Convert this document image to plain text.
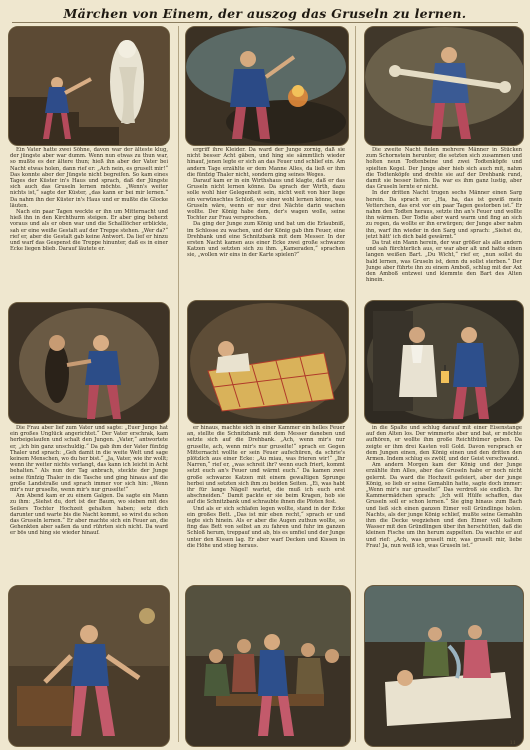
Märchen von Einem, der auszog das Gruseln zu lernen.

Ein Vater hatte zwei Söhne, davon war der älteste klug, der jüngste aber war dumm. Wenn nun etwas zu thun war, so mußte es der ältere thun; hieß ihn aber der Vater bei Nacht etwas holen, dann rief er: „Ach nein, es gruselt mir!“ Das konnte aber der Jüngste nicht begreifen. So kam eines Tages der Küster in's Haus und sprach, daß der Jüngste sich auch das Gruseln lernen möchte. „Wenn's weiter nichts ist,“ sagte der Küster, „das kann er bei mir lernen.“ Da nahm ihn der Küster in's Haus und er mußte die Glocke läuten.

Nach ein paar Tagen weckte er ihn um Mitternacht und hieß ihn in den Kirchthurm steigen. Er aber ging beherzt voraus und als er oben war und die Schalllöcher erblickte, sah er eine weiße Gestalt auf der Treppe stehen. „Wer da?“ rief er, aber die Gestalt gab keine Antwort. Da lief er hinzu und warf das Gespenst die Treppe hinunter, daß es in einer Ecke liegen blieb. Darauf läutete er.

Die Frau aber lief zum Vater und sagte: „Euer Junge hat ein großes Unglück angerichtet.“ Der Vater erschrak, kam herbeigelaufen und schalt den Jungen. „Vater,“ antwortete er, „ich bin ganz unschuldig.“ Da gab ihm der Vater fünfzig Thaler und sprach: „Geh damit in die weite Welt und sage keinem Menschen, wo du her bist.“ „Ja, Vater, wie ihr wollt; wenn ihr weiter nichts verlangt, das kann ich leicht in Acht behalten.“ Als nun der Tag anbrach, steckte der Junge seine fünfzig Thaler in die Tasche und ging hinaus auf die große Landstraße und sprach immer vor sich hin: „Wenn mir's nur gruselte, wenn mir's nur gruselte!“

Am Abend kam er zu einem Galgen. Da sagte ein Mann zu ihm: „Siehst du, dort ist der Baum, wo sieben mit des Seilers Tochter Hochzeit gehalten haben; setz dich darunter und warte bis die Nacht kommt, so wirst du schon das Gruseln lernen.“ Er aber machte sich ein Feuer an, die Gehenkten aber saßen da und rührten sich nicht. Da ward er bös und hing sie wieder hinauf.

ergriff ihre Kleider. Da ward der Junge zornig, daß sie nicht besser Acht gäben, und hing sie sämmtlich wieder hinauf, jenen legte er sich an das Feuer und schlief ein. Am andern Tage erzählte er dem Manne Alles, da ließ er ihm die fünfzig Thaler nicht, sondern ging seines Weges.

Darauf kam er in ein Wirthshaus und klagte, daß er das Gruseln nicht lernen könne. Da sprach der Wirth, dazu solle wohl hier Gelegenheit sein, nicht weit von hier liege ein verwünschtes Schloß, wo einer wohl lernen könne, was Gruseln wäre, wenn er nur drei Nächte darin wachen wollte. Der König habe dem, der's wagen wolle, seine Tochter zur Frau versprochen.

Da ging der Junge zum König und bat um die Erlaubniß, im Schlosse zu wachen, und der König gab ihm Feuer, eine Drehbank und eine Schnitzbank mit dem Messer. In der ersten Nacht kamen aus einer Ecke zwei große schwarze Katzen und setzten sich zu ihm. „Kameraden,“ sprachen sie, „wollen wir eins in der Karte spielen?“

er hinaus, machte sich in einer Kammer ein helles Feuer an, stellte die Schnitzbank mit dem Messer daneben und setzte sich auf die Drehbank. „Ach, wenn mir's nur gruselte, ach, wenn mir's nur gruselte!“ sprach er. Gegen Mitternacht wollte er sein Feuer aufschüren, da schrie's plötzlich aus einer Ecke: „Au miau, was frieren wir!“ „Ihr Narren,“ rief er, „was schreit ihr? wenn euch friert, kommt setzt euch an's Feuer und wärmt euch.“ Da kamen zwei große schwarze Katzen mit einem gewaltigen Sprunge herbei und setzten sich ihm zu beiden Seiten. „Ei, was habt ihr für lange Nägel! wartet, die muß ich euch erst abschneiden.“ Damit packte er sie beim Kragen, hob sie auf die Schnitzbank und schraubte ihnen die Pfoten fest.

Und als er sich schlafen legen wollte, stand in der Ecke ein großes Bett. „Das ist mir eben recht,“ sprach er und legte sich hinein. Als er aber die Augen zuthun wollte, so fing das Bett von selbst an zu fahren und fuhr im ganzen Schloß herum, treppauf und ab, bis es umfiel und der Junge unter den Kissen lag. Er aber warf Decken und Kissen in die Höhe und stieg heraus.

Die zweite Nacht fielen mehrere Männer in Stücken zum Schornstein herunter, die setzten sich zusammen und holten neun Todtenbeine und zwei Todtenköpfe und spielten Kegel. Der Junge aber hieb sich auch mit, nahm die Todtenköpfe und drehte sie auf der Drehbank rund, damit sie besser liefen. Da war es ihm ganz lustig, aber das Gruseln lernte er nicht.

In der dritten Nacht trugen sechs Männer einen Sarg herein. Da sprach er: „Ha, ha, das ist gewiß mein Vetterchen, das erst vor ein paar Tagen gestorben ist.“ Er nahm den Todten heraus, setzte ihn an's Feuer und wollte ihn wärmen. Der Todte aber ward warm und fing an sich zu regen, da wollte er ihn erwürgen; der Junge aber nahm ihn, warf ihn wieder in den Sarg und sprach: „Siehst du, jetzt hätt' ich dich bald gewärmt.“

Da trat ein Mann herein, der war größer als alle andern und sah fürchterlich aus, er war aber alt und hatte einen langen weißen Bart. „Du Wicht,“ rief er, „nun sollst du bald lernen, was Gruseln ist, denn du sollst sterben.“ Der Junge aber führte ihn zu einem Amboß, schlug mit der Axt den Amboß entzwei und klemmte den Bart des Alten hinein.

in die Spalte und schlug darauf mit einer Eisenstange auf den Alten los. Der wimmerte aber und bat, er möchte aufhören, er wollte ihm große Reichthümer geben. Da zeigte er ihm drei Kasten voll Gold. Davon versprach er dem Jungen einen, den König einen und den dritten den Armen. Indem schlug es zwölf, und der Geist verschwand.

Am andern Morgen kam der König und der Junge erzählte ihm Alles, aber das Gruseln habe er noch nicht gelernt. Da ward die Hochzeit gefeiert, aber der junge König, so lieb er seine Gemahlin hatte, sagte doch immer: „Wenn mir's nur gruselte!“ Das verdroß sie endlich. Ihr Kammermädchen sprach: „Ich will Hülfe schaffen, das Gruseln soll er schon lernen.“ Sie ging hinaus zum Bach und ließ sich einen ganzen Eimer voll Gründlinge holen. Nachts, als der junge König schlief, mußte seine Gemahlin ihm die Decke wegziehen und den Eimer voll kaltem Wasser mit den Gründlingen über ihn herschütten, daß die kleinen Fische um ihn herum zappelten. Da wachte er auf und rief: „Ach, was gruselt mir, was gruselt mir, liebe Frau! Ja, nun weiß ich, was Gruseln ist.“

11
